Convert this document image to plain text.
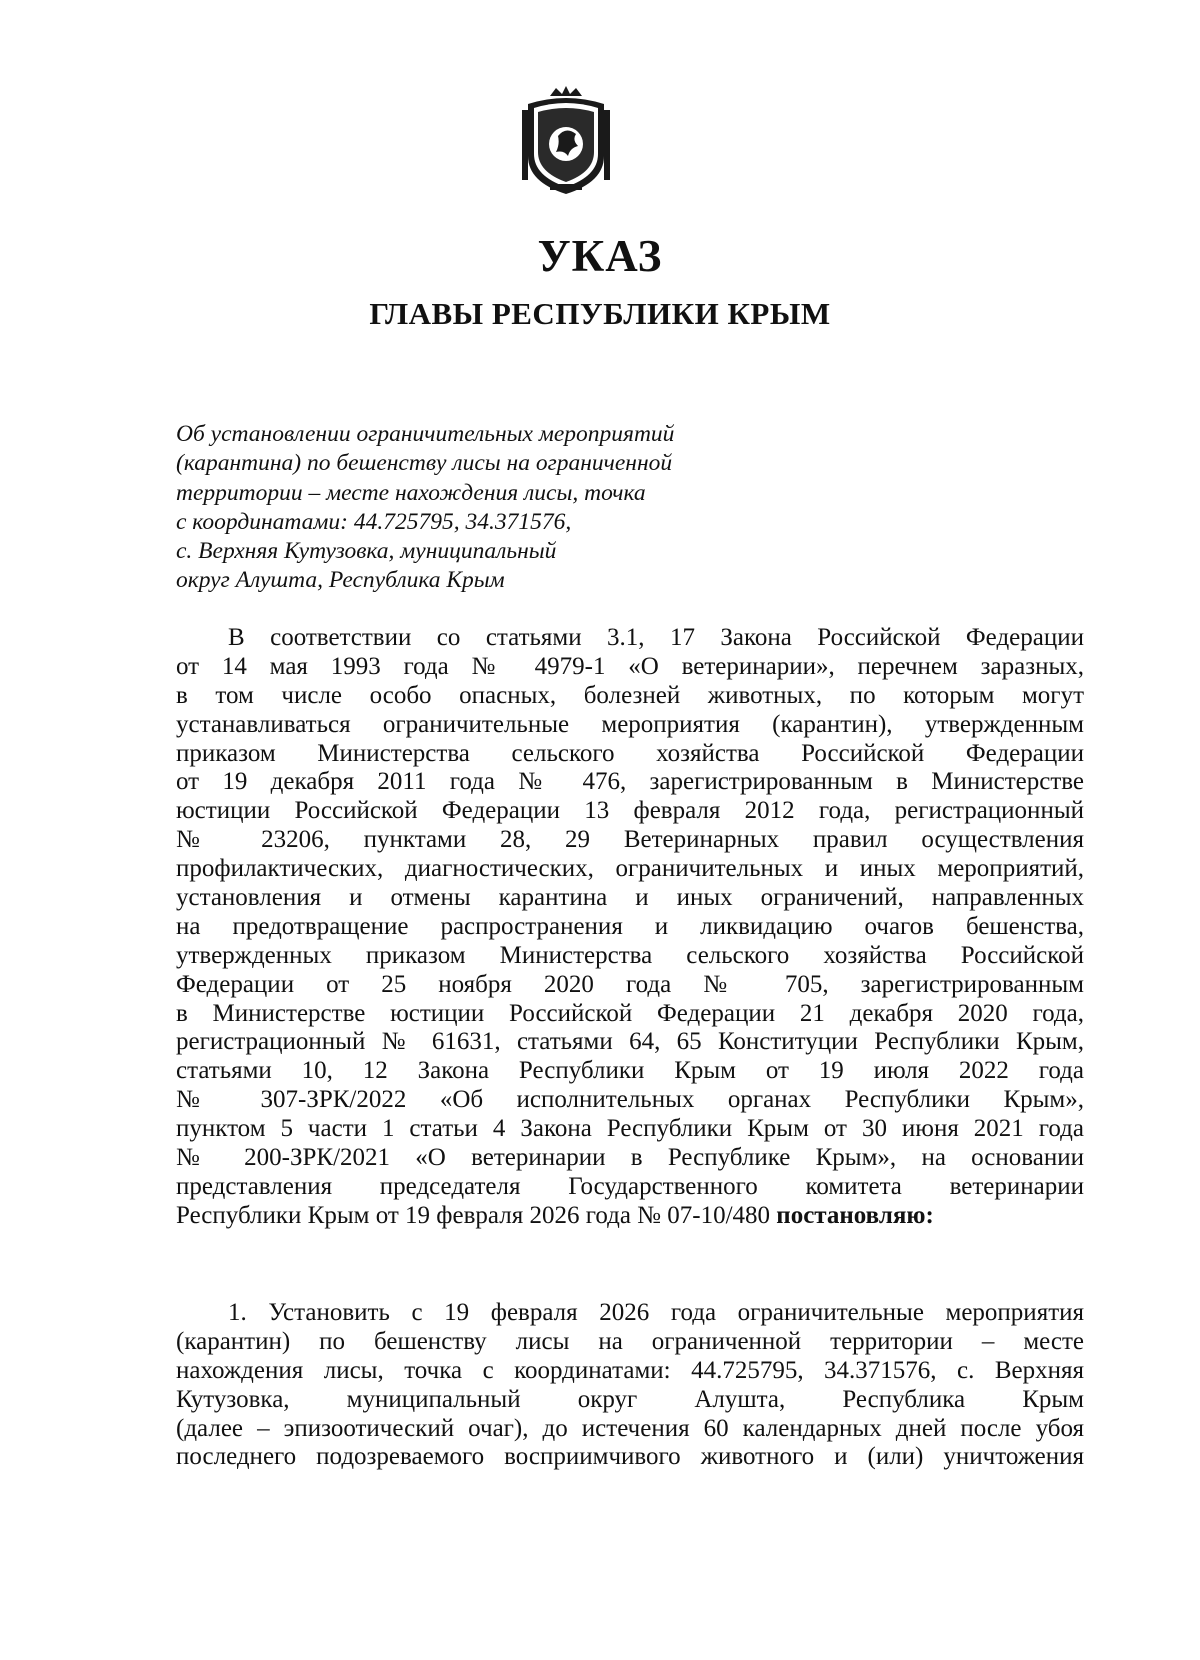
УКАЗ
ГЛАВЫ РЕСПУБЛИКИ КРЫМ
Об установлении ограничительных мероприятий
(карантина) по бешенству лисы на ограниченной
территории – месте нахождения лисы, точка
с координатами: 44.725795, 34.371576,
с. Верхняя Кутузовка, муниципальный
округ Алушта, Республика Крым
В соответствии со статьями 3.1, 17 Закона Российской Федерации
от 14 мая 1993 года № 4979-1 «О ветеринарии», перечнем заразных,
в том числе особо опасных, болезней животных, по которым могут
устанавливаться ограничительные мероприятия (карантин), утвержденным
приказом Министерства сельского хозяйства Российской Федерации
от 19 декабря 2011 года № 476, зарегистрированным в Министерстве
юстиции Российской Федерации 13 февраля 2012 года, регистрационный
№ 23206, пунктами 28, 29 Ветеринарных правил осуществления
профилактических, диагностических, ограничительных и иных мероприятий,
установления и отмены карантина и иных ограничений, направленных
на предотвращение распространения и ликвидацию очагов бешенства,
утвержденных приказом Министерства сельского хозяйства Российской
Федерации от 25 ноября 2020 года № 705, зарегистрированным
в Министерстве юстиции Российской Федерации 21 декабря 2020 года,
регистрационный № 61631, статьями 64, 65 Конституции Республики Крым,
статьями 10, 12 Закона Республики Крым от 19 июля 2022 года
№ 307-ЗРК/2022 «Об исполнительных органах Республики Крым»,
пунктом 5 части 1 статьи 4 Закона Республики Крым от 30 июня 2021 года
№ 200-ЗРК/2021 «О ветеринарии в Республике Крым», на основании
представления председателя Государственного комитета ветеринарии
Республики Крым от 19 февраля 2026 года № 07-10/480 постановляю:
1. Установить с 19 февраля 2026 года ограничительные мероприятия
(карантин) по бешенству лисы на ограниченной территории – месте
нахождения лисы, точка с координатами: 44.725795, 34.371576, с. Верхняя
Кутузовка, муниципальный округ Алушта, Республика Крым
(далее – эпизоотический очаг), до истечения 60 календарных дней после убоя
последнего подозреваемого восприимчивого животного и (или) уничтожения
